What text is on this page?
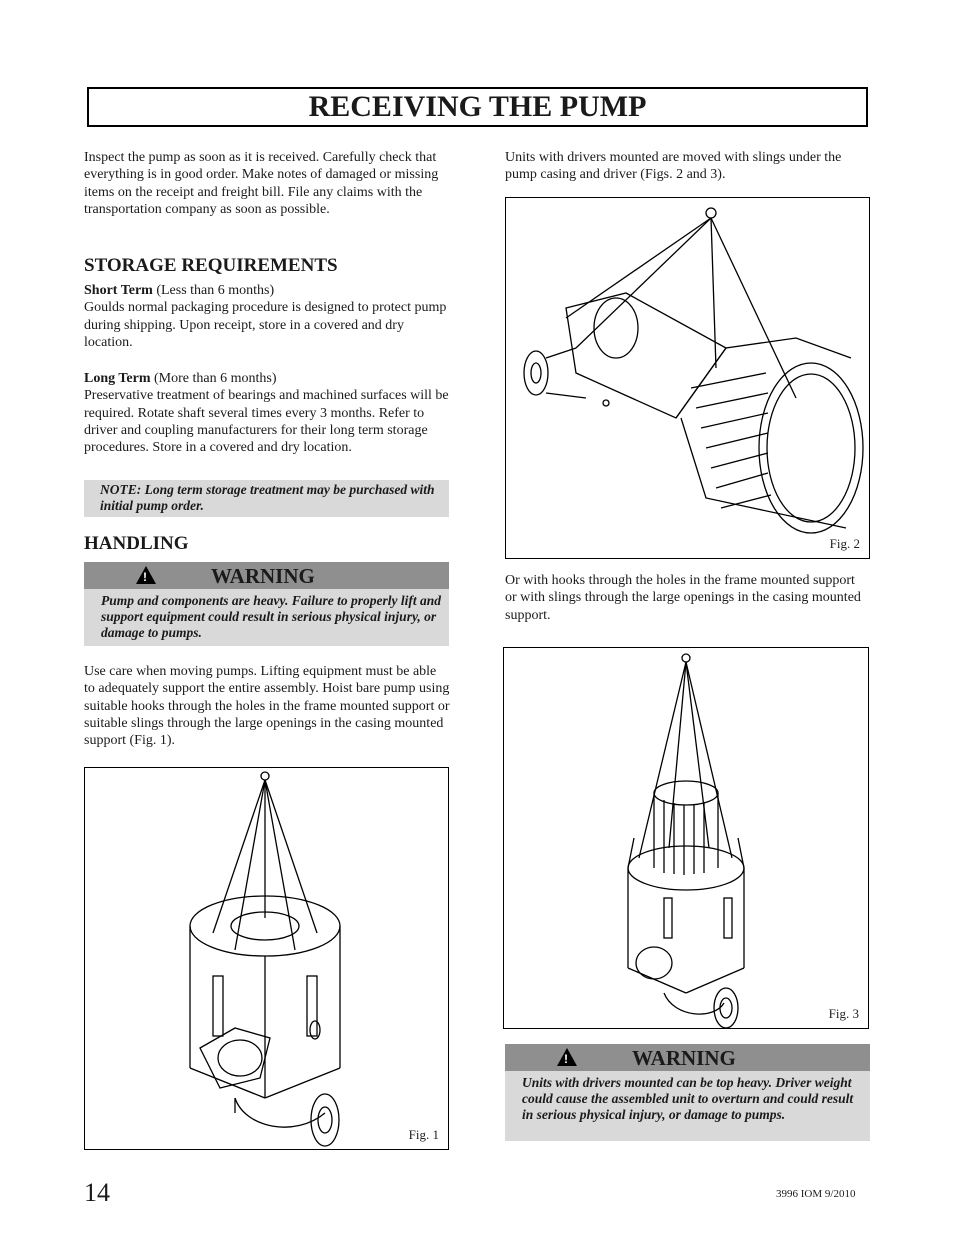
RECEIVING THE PUMP
Inspect the pump as soon as it is received. Carefully check that everything is in good order. Make notes of damaged or missing items on the receipt and freight bill. File any claims with the transportation company as soon as possible.
STORAGE REQUIREMENTS
Short Term (Less than 6 months)
Goulds normal packaging procedure is designed to protect pump during shipping. Upon receipt, store in a covered and dry location.
Long Term (More than 6 months)
Preservative treatment of bearings and machined surfaces will be required. Rotate shaft several times every 3 months. Refer to driver and coupling manufacturers for their long term storage procedures. Store in a covered and dry location.
NOTE: Long term storage treatment may be purchased with initial pump order.
HANDLING
!	WARNING
Pump and components are heavy. Failure to properly lift and support equipment could result in serious physical injury, or damage to pumps.
Use care when moving pumps. Lifting equipment must be able to adequately support the entire assembly. Hoist bare pump using suitable hooks through the holes in the frame mounted support or suitable slings through the large openings in the casing mounted support (Fig. 1).
Fig. 1
Units with drivers mounted are moved with slings under the pump casing and driver (Figs. 2 and 3).
Fig. 2
Or with hooks through the holes in the frame mounted support or with slings through the large openings in the casing mounted support.
Fig. 3
!	WARNING
Units with drivers mounted can be top heavy. Driver weight could cause the assembled unit to overturn and could result in serious physical injury, or damage to pumps.
14	3996 IOM 9/2010
